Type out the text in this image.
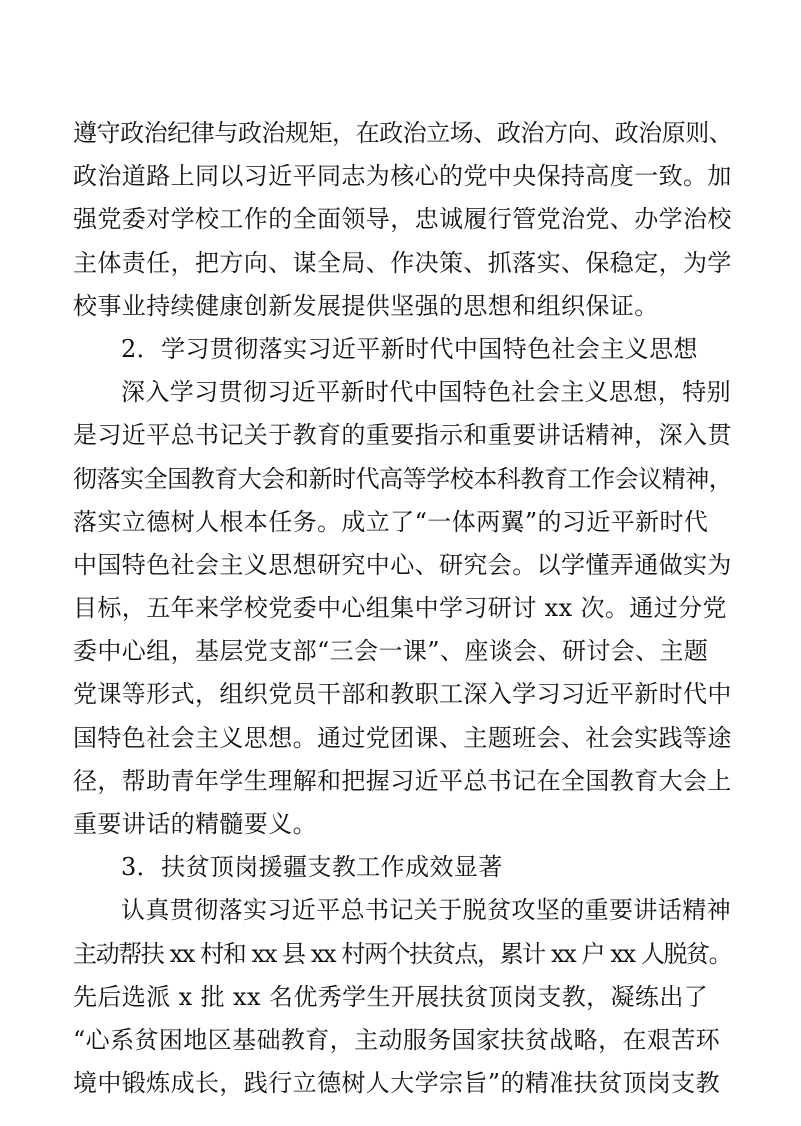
遵守政治纪律与政治规矩，在政治立场、政治方向、政治原则、
政治道路上同以习近平同志为核心的党中央保持高度一致。加
强党委对学校工作的全面领导，忠诚履行管党治党、办学治校
主体责任，把方向、谋全局、作决策、抓落实、保稳定，为学
校事业持续健康创新发展提供坚强的思想和组织保证。
2．学习贯彻落实习近平新时代中国特色社会主义思想
深入学习贯彻习近平新时代中国特色社会主义思想，特别
是习近平总书记关于教育的重要指示和重要讲话精神，深入贯
彻落实全国教育大会和新时代高等学校本科教育工作会议精神，
落实立德树人根本任务。成立了“一体两翼”的习近平新时代
中国特色社会主义思想研究中心、研究会。以学懂弄通做实为
目标，五年来学校党委中心组集中学习研讨 xx 次。通过分党
委中心组，基层党支部“三会一课”、座谈会、研讨会、主题
党课等形式，组织党员干部和教职工深入学习习近平新时代中
国特色社会主义思想。通过党团课、主题班会、社会实践等途
径，帮助青年学生理解和把握习近平总书记在全国教育大会上
重要讲话的精髓要义。
3．扶贫顶岗援疆支教工作成效显著
认真贯彻落实习近平总书记关于脱贫攻坚的重要讲话精神
主动帮扶 xx 村和 xx 县 xx 村两个扶贫点，累计 xx 户 xx 人脱贫。
先后选派 x 批 xx 名优秀学生开展扶贫顶岗支教，凝练出了
“心系贫困地区基础教育，主动服务国家扶贫战略，在艰苦环
境中锻炼成长，践行立德树人大学宗旨”的精准扶贫顶岗支教
